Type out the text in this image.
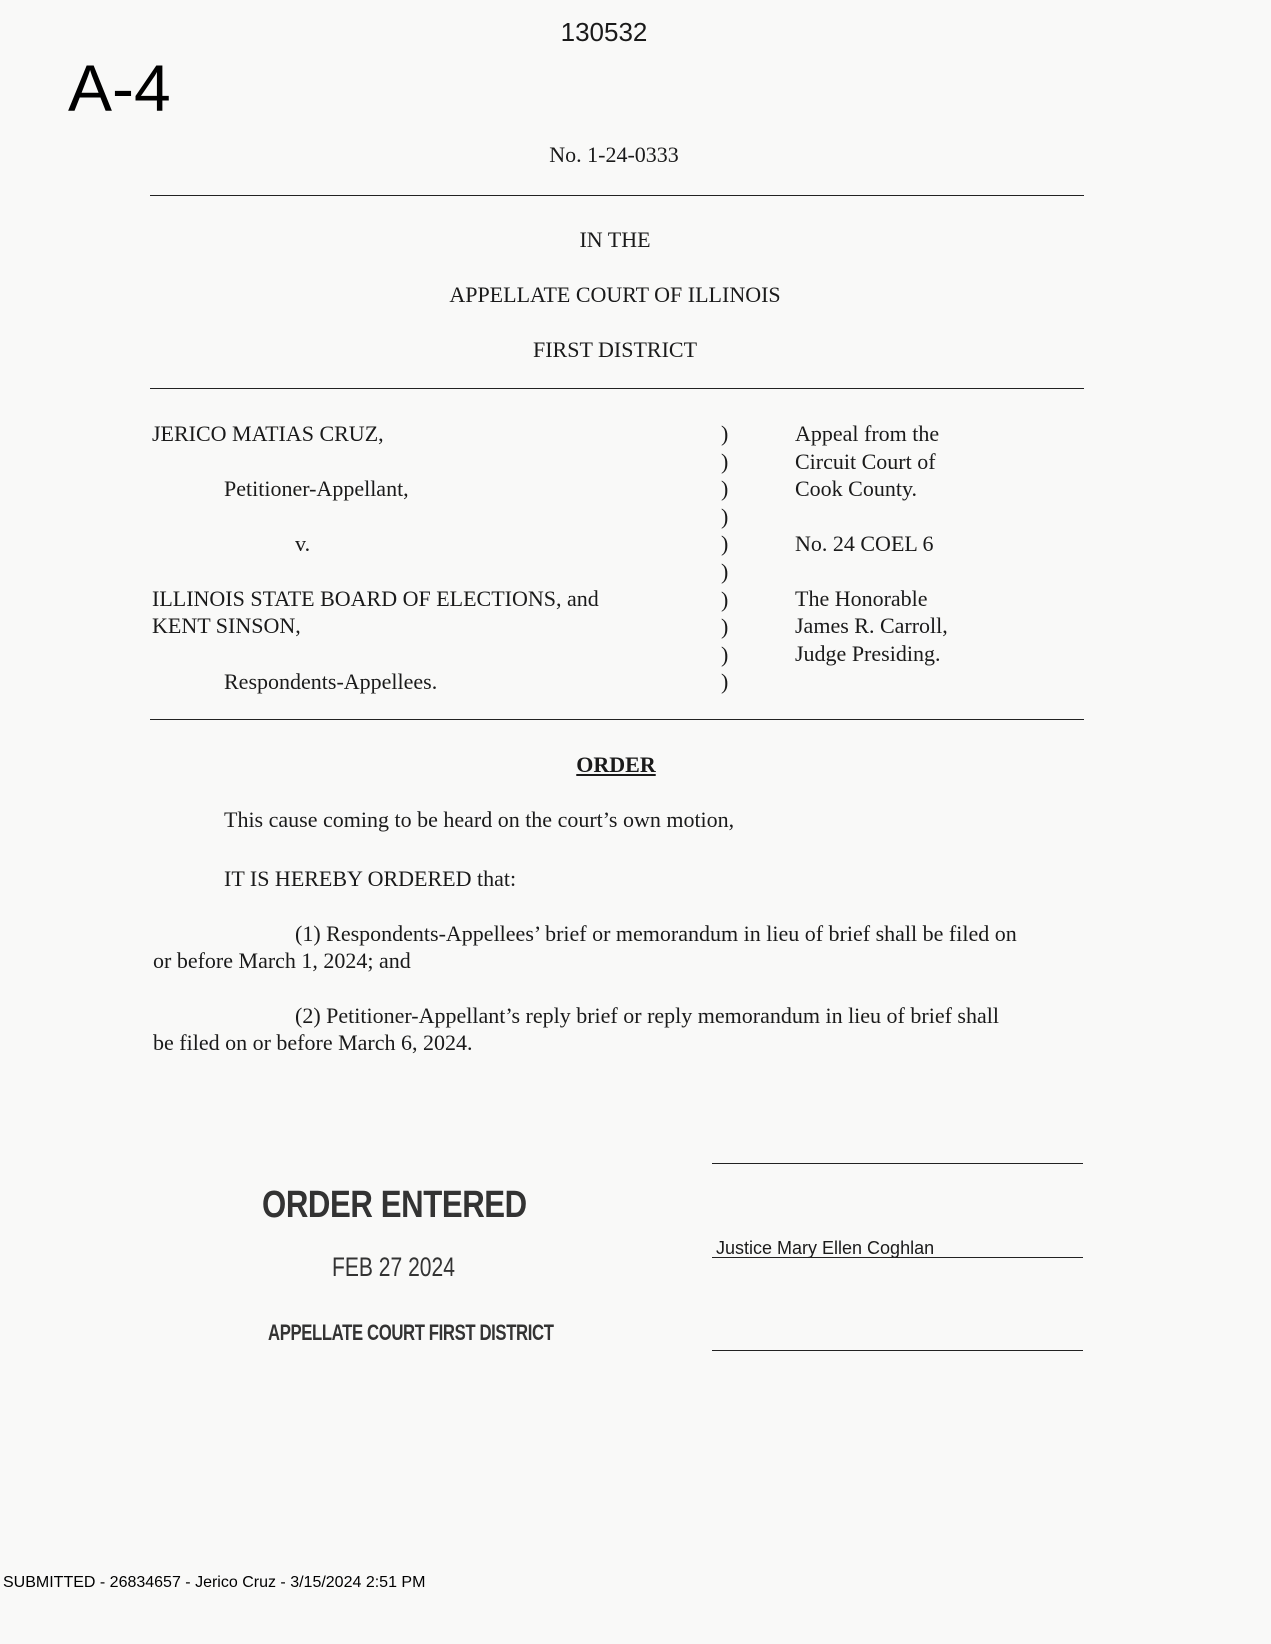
130532
A-4
No. 1-24-0333
IN THE
APPELLATE COURT OF ILLINOIS
FIRST DISTRICT
JERICO MATIAS CRUZ,
Petitioner-Appellant,
v.
ILLINOIS STATE BOARD OF ELECTIONS, and
KENT SINSON,
Respondents-Appellees.
)
)
)
)
)
)
)
)
)
)
Appeal from the
Circuit Court of
Cook County.
No. 24 COEL 6
The Honorable
James R. Carroll,
Judge Presiding.
ORDER
This cause coming to be heard on the court’s own motion,
IT IS HEREBY ORDERED that:
(1) Respondents-Appellees’ brief or memorandum in lieu of brief shall be filed on
or before March 1, 2024; and
(2) Petitioner-Appellant’s reply brief or reply memorandum in lieu of brief shall
be filed on or before March 6, 2024.
ORDER ENTERED
FEB 27 2024
APPELLATE COURT FIRST DISTRICT
Justice Mary Ellen Coghlan
SUBMITTED - 26834657 - Jerico Cruz - 3/15/2024 2:51 PM
